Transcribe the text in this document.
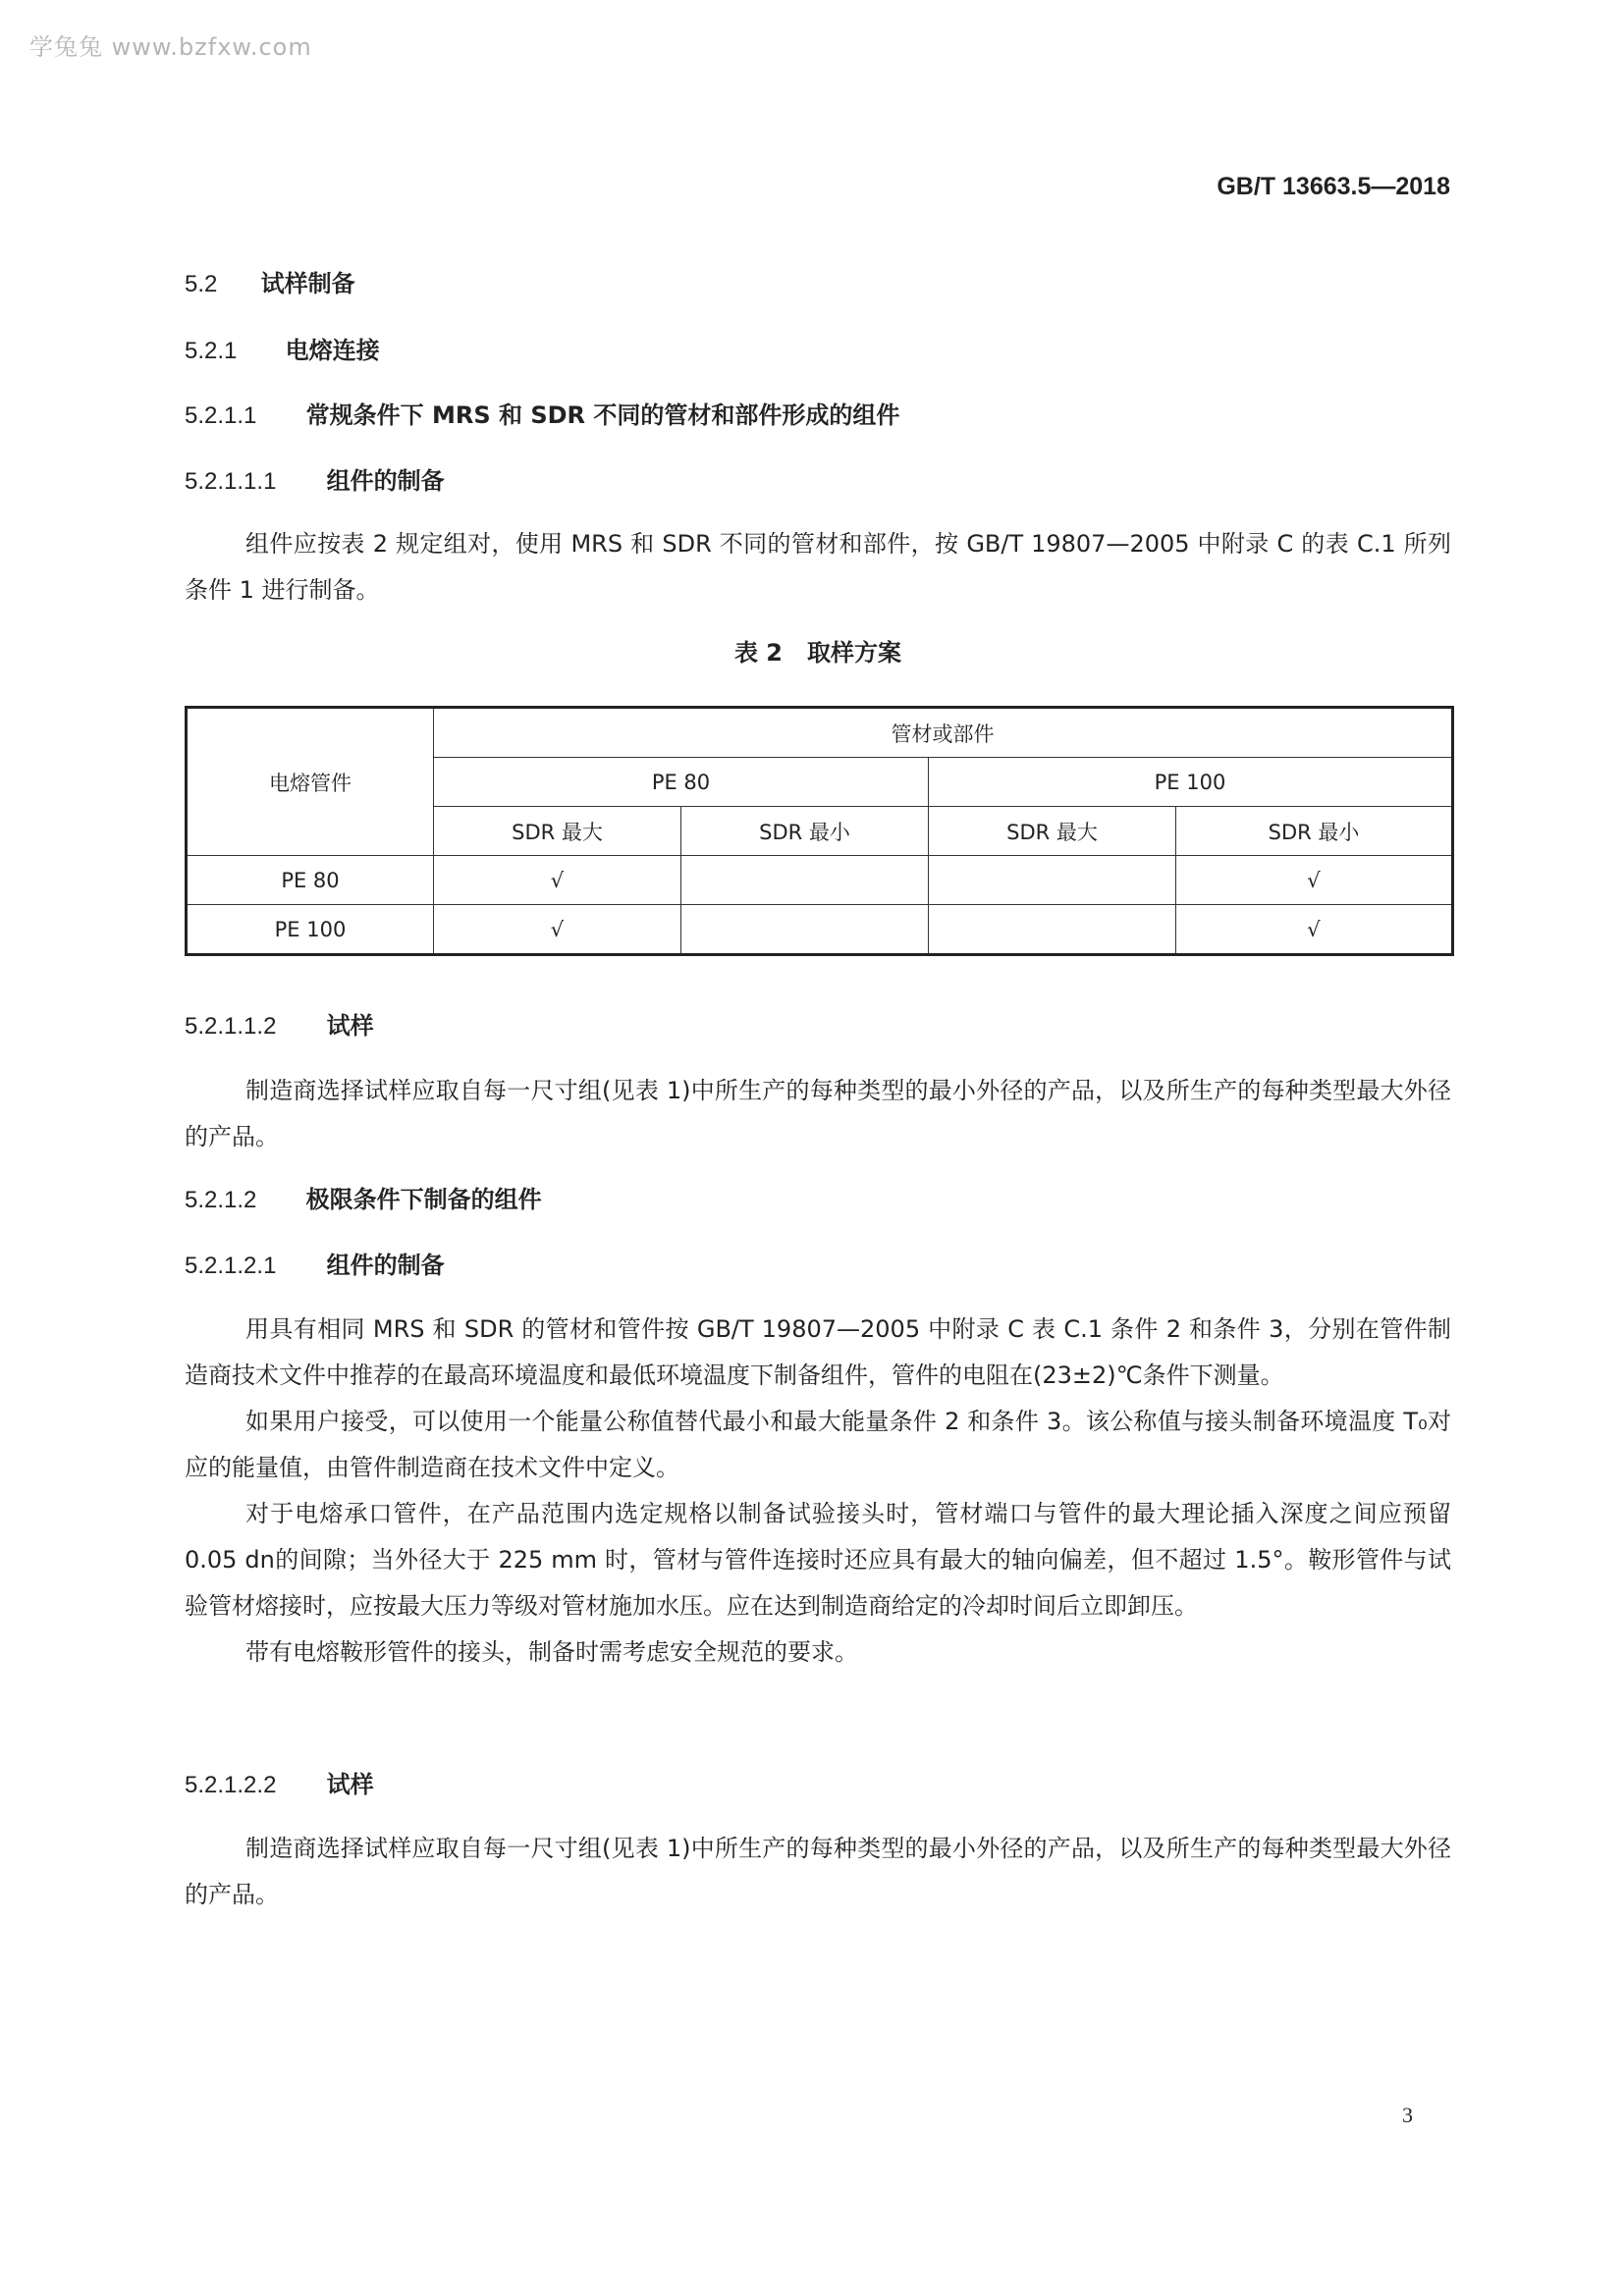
学兔兔 www.bzfxw.com
GB/T 13663.5—2018
5.2 试样制备
5.2.1 电熔连接
5.2.1.1 常规条件下 MRS 和 SDR 不同的管材和部件形成的组件
5.2.1.1.1 组件的制备
组件应按表 2 规定组对，使用 MRS 和 SDR 不同的管材和部件，按 GB/T 19807—2005 中附录 C 的表 C.1 所列条件 1 进行制备。
表 2   取样方案
电熔管件	管材或部件			
	PE 80		PE 100	
	SDR 最大	SDR 最小	SDR 最大	SDR 最小
PE 80	√			√
PE 100	√			√
5.2.1.1.2 试样
制造商选择试样应取自每一尺寸组(见表 1)中所生产的每种类型的最小外径的产品，以及所生产的每种类型最大外径的产品。
5.2.1.2 极限条件下制备的组件
5.2.1.2.1 组件的制备
用具有相同 MRS 和 SDR 的管材和管件按 GB/T 19807—2005 中附录 C 表 C.1 条件 2 和条件 3，分别在管件制造商技术文件中推荐的在最高环境温度和最低环境温度下制备组件，管件的电阻在(23±2)℃条件下测量。
如果用户接受，可以使用一个能量公称值替代最小和最大能量条件 2 和条件 3。该公称值与接头制备环境温度 T₀对应的能量值，由管件制造商在技术文件中定义。
对于电熔承口管件，在产品范围内选定规格以制备试验接头时，管材端口与管件的最大理论插入深度之间应预留 0.05 dn的间隙；当外径大于 225 mm 时，管材与管件连接时还应具有最大的轴向偏差，但不超过 1.5°。鞍形管件与试验管材熔接时，应按最大压力等级对管材施加水压。应在达到制造商给定的冷却时间后立即卸压。
带有电熔鞍形管件的接头，制备时需考虑安全规范的要求。
5.2.1.2.2 试样
制造商选择试样应取自每一尺寸组(见表 1)中所生产的每种类型的最小外径的产品，以及所生产的每种类型最大外径的产品。
3
